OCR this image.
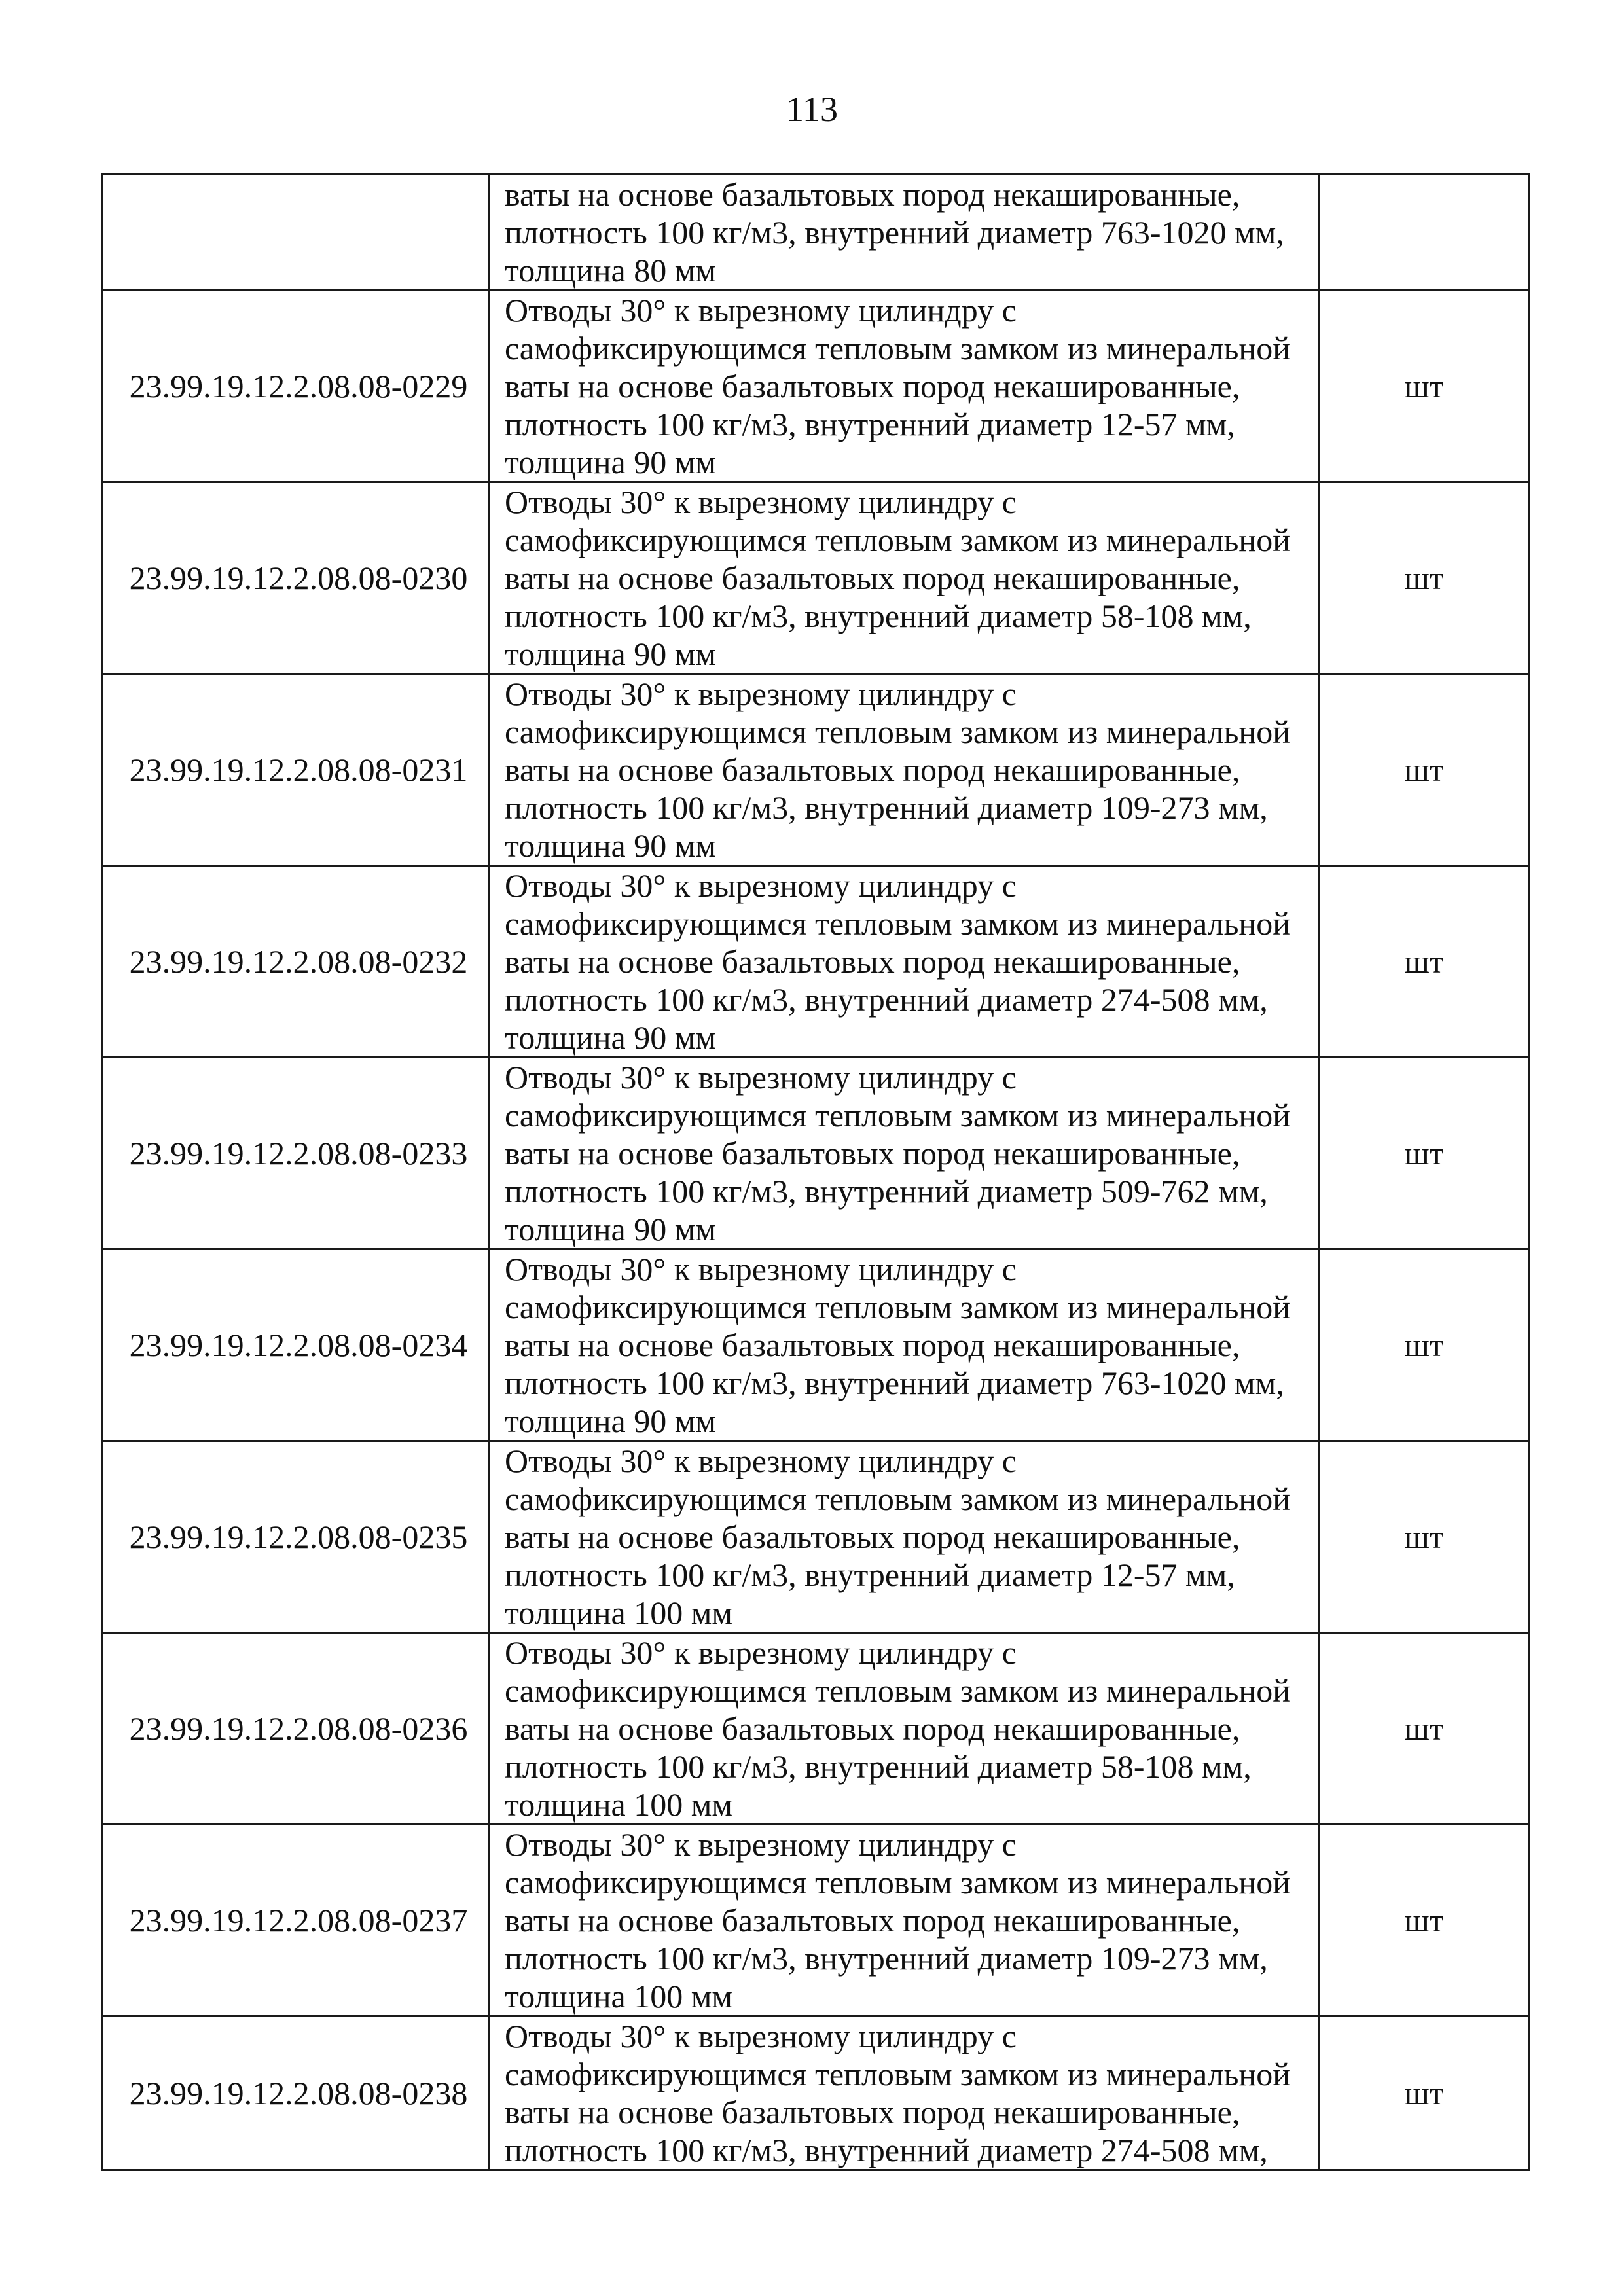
113

	ваты на основе базальтовых пород некашированные,
плотность 100 кг/м3, внутренний диаметр 763-1020 мм,
толщина 80 мм	

23.99.19.12.2.08.08-0229	Отводы 30° к вырезному цилиндру с
самофиксирующимся тепловым замком из минеральной
ваты на основе базальтовых пород некашированные,
плотность 100 кг/м3, внутренний диаметр 12-57 мм,
толщина 90 мм	шт
23.99.19.12.2.08.08-0230	Отводы 30° к вырезному цилиндру с
самофиксирующимся тепловым замком из минеральной
ваты на основе базальтовых пород некашированные,
плотность 100 кг/м3, внутренний диаметр 58-108 мм,
толщина 90 мм	шт
23.99.19.12.2.08.08-0231	Отводы 30° к вырезному цилиндру с
самофиксирующимся тепловым замком из минеральной
ваты на основе базальтовых пород некашированные,
плотность 100 кг/м3, внутренний диаметр 109-273 мм,
толщина 90 мм	шт
23.99.19.12.2.08.08-0232	Отводы 30° к вырезному цилиндру с
самофиксирующимся тепловым замком из минеральной
ваты на основе базальтовых пород некашированные,
плотность 100 кг/м3, внутренний диаметр 274-508 мм,
толщина 90 мм	шт
23.99.19.12.2.08.08-0233	Отводы 30° к вырезному цилиндру с
самофиксирующимся тепловым замком из минеральной
ваты на основе базальтовых пород некашированные,
плотность 100 кг/м3, внутренний диаметр 509-762 мм,
толщина 90 мм	шт
23.99.19.12.2.08.08-0234	Отводы 30° к вырезному цилиндру с
самофиксирующимся тепловым замком из минеральной
ваты на основе базальтовых пород некашированные,
плотность 100 кг/м3, внутренний диаметр 763-1020 мм,
толщина 90 мм	шт
23.99.19.12.2.08.08-0235	Отводы 30° к вырезному цилиндру с
самофиксирующимся тепловым замком из минеральной
ваты на основе базальтовых пород некашированные,
плотность 100 кг/м3, внутренний диаметр 12-57 мм,
толщина 100 мм	шт
23.99.19.12.2.08.08-0236	Отводы 30° к вырезному цилиндру с
самофиксирующимся тепловым замком из минеральной
ваты на основе базальтовых пород некашированные,
плотность 100 кг/м3, внутренний диаметр 58-108 мм,
толщина 100 мм	шт
23.99.19.12.2.08.08-0237	Отводы 30° к вырезному цилиндру с
самофиксирующимся тепловым замком из минеральной
ваты на основе базальтовых пород некашированные,
плотность 100 кг/м3, внутренний диаметр 109-273 мм,
толщина 100 мм	шт
23.99.19.12.2.08.08-0238	Отводы 30° к вырезному цилиндру с
самофиксирующимся тепловым замком из минеральной
ваты на основе базальтовых пород некашированные,
плотность 100 кг/м3, внутренний диаметр 274-508 мм,	шт
